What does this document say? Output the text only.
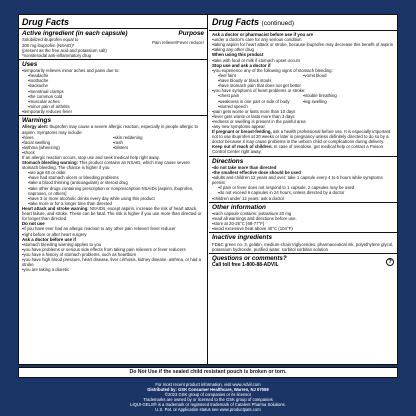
Drug Facts
Active ingredient (in each capsule)	Purpose
Solubilized ibuprofen equal to
200 mg ibuprofen (NSAID)*
Pain reliever/Fever reducer
(present as the free acid and potassium salt)
*nonsteroidal anti-inflammatory drug
Uses
▪ temporarily relieves minor aches and pains due to:
▪ headache
▪ toothache
▪ backache
▪ menstrual cramps
▪ the common cold
▪ muscular aches
▪ minor pain of arthritis
▪ temporarily reduces fever
Warnings
Allergy alert: Ibuprofen may cause a severe allergic reaction, especially in people allergic to aspirin. Symptoms may include:
▪ hives
▪ facial swelling
▪ asthma (wheezing)
▪ shock
▪ skin reddening
▪ rash
▪ blisters
If an allergic reaction occurs, stop use and seek medical help right away.
Stomach bleeding warning: This product contains an NSAID, which may cause severe stomach bleeding. The chance is higher if you
▪ are age 60 or older
▪ have had stomach ulcers or bleeding problems
▪ take a blood thinning (anticoagulant) or steroid drug
▪ take other drugs containing prescription or nonprescription NSAIDs [aspirin, ibuprofen, naproxen, or others]
▪ have 3 or more alcoholic drinks every day while using this product
▪ take more or for a longer time than directed
Heart attack and stroke warning: NSAIDs, except aspirin, increase the risk of heart attack, heart failure, and stroke. These can be fatal. The risk is higher if you use more than directed or for longer than directed.
Do not use
▪ if you have ever had an allergic reaction to any other pain reliever/ fever reducer
▪ right before or after heart surgery
Ask a doctor before use if
▪ stomach bleeding warning applies to you
▪ you have problems or serious side effects from taking pain relievers or fever reducers
▪ you have a history of stomach problems, such as heartburn
▪ you have high blood pressure, heart disease, liver cirrhosis, kidney disease, asthma, or had a stroke
▪ you are taking a diuretic
Drug Facts (continued)
Ask a doctor or pharmacist before use if you are
▪ under a doctor's care for any serious condition
▪ taking aspirin for heart attack or stroke, because ibuprofen may decrease this benefit of aspirin
▪ taking any other drug
When using this product
▪ take with food or milk if stomach upset occurs
Stop use and ask a doctor if
▪ you experience any of the following signs of stomach bleeding:
▪ feel faint
▪ have bloody or black stools
▪ have stomach pain that does not get better
▪ vomit blood
▪ you have symptoms of heart problems or stroke:
▪ chest pain
▪ weakness in one part or side of body
▪ slurred speech
▪ trouble breathing
▪ leg swelling
▪ pain gets worse or lasts more than 10 days
▪ fever gets worse or lasts more than 3 days
▪ redness or swelling is present in the painful area
▪ any new symptoms appear
If pregnant or breast-feeding, ask a health professional before use. It is especially important not to use ibuprofen at 20 weeks or later in pregnancy unless definitely directed to do so by a doctor because it may cause problems in the unborn child or complications during delivery.
Keep out of reach of children. In case of overdose, get medical help or contact a Poison Control Center right away.
Directions
▪ do not take more than directed
▪ the smallest effective dose should be used
▪ adults and children 12 years and over: take 1 capsule every 4 to 6 hours while symptoms persist
▪ if pain or fever does not respond to 1 capsule, 2 capsules may be used
▪ do not exceed 6 capsules in 24 hours, unless directed by a doctor
▪ children under 12 years: ask a doctor
Other information
▪ each capsule contains: potassium 20 mg
▪ read all warnings and directions before use.
▪ store at 20-25°C (68-77°F)
▪ avoid excessive heat above 40°C (104°F)
Inactive ingredients
FD&C green no. 3, gelatin, medium-chain triglycerides, pharmaceutical ink, polyethylene glycol, potassium hydroxide, purified water, sorbitol sorbitan solution
Questions or comments?
Call toll free 1-800-88-ADVIL
?
Do Not Use if the sealed child resistant pouch is broken or torn.
For most recent product information, visit www.Advil.com
Distributed by: GSK Consumer Healthcare, Warren, NJ 07059
©2023 GSK group of companies or its licensor
Trademarks are owned by or licensed to the GSK group of companies
LIQUI-GELS® is a trademark or registered trademark of Catalent Pharma Solutions.
U.S. Pat. or Application status see www.productpats.com
